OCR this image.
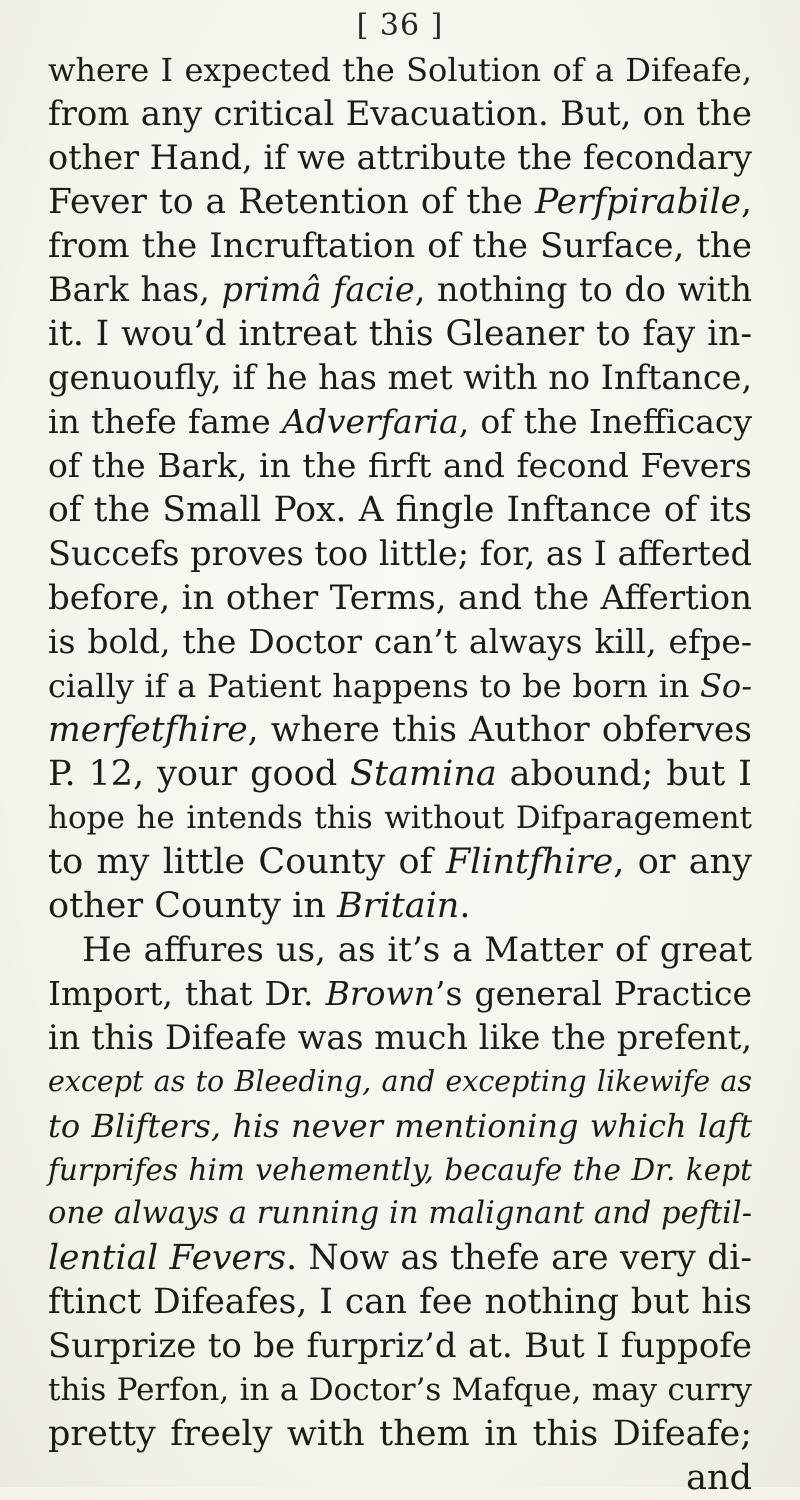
[ 36 ]
where I expected the Solution of a Difeafe,
from any critical Evacuation. But, on the
other Hand, if we attribute the fecondary
Fever to a Retention of the Perfpirabile,
from the Incruftation of the Surface, the
Bark has, primâ facie, nothing to do with
it. I wou’d intreat this Gleaner to fay in-
genuoufly, if he has met with no Inftance,
in thefe fame Adverfaria, of the Inefficacy
of the Bark, in the firft and fecond Fevers
of the Small Pox. A fingle Inftance of its
Succefs proves too little; for, as I afferted
before, in other Terms, and the Affertion
is bold, the Doctor can’t always kill, efpe-
cially if a Patient happens to be born in So-
merfetfhire, where this Author obferves
P. 12, your good Stamina abound; but I
hope he intends this without Difparagement
to my little County of Flintfhire, or any
other County in Britain.
He affures us, as it’s a Matter of great
Import, that Dr. Brown’s general Practice
in this Difeafe was much like the prefent,
except as to Bleeding, and excepting likewife as
to Blifters, his never mentioning which laft
furprifes him vehemently, becaufe the Dr. kept
one always a running in malignant and peftil-
lential Fevers. Now as thefe are very di-
ftinct Difeafes, I can fee nothing but his
Surprize to be furpriz’d at. But I fuppofe
this Perfon, in a Doctor’s Mafque, may curry
pretty freely with them in this Difeafe;
and
